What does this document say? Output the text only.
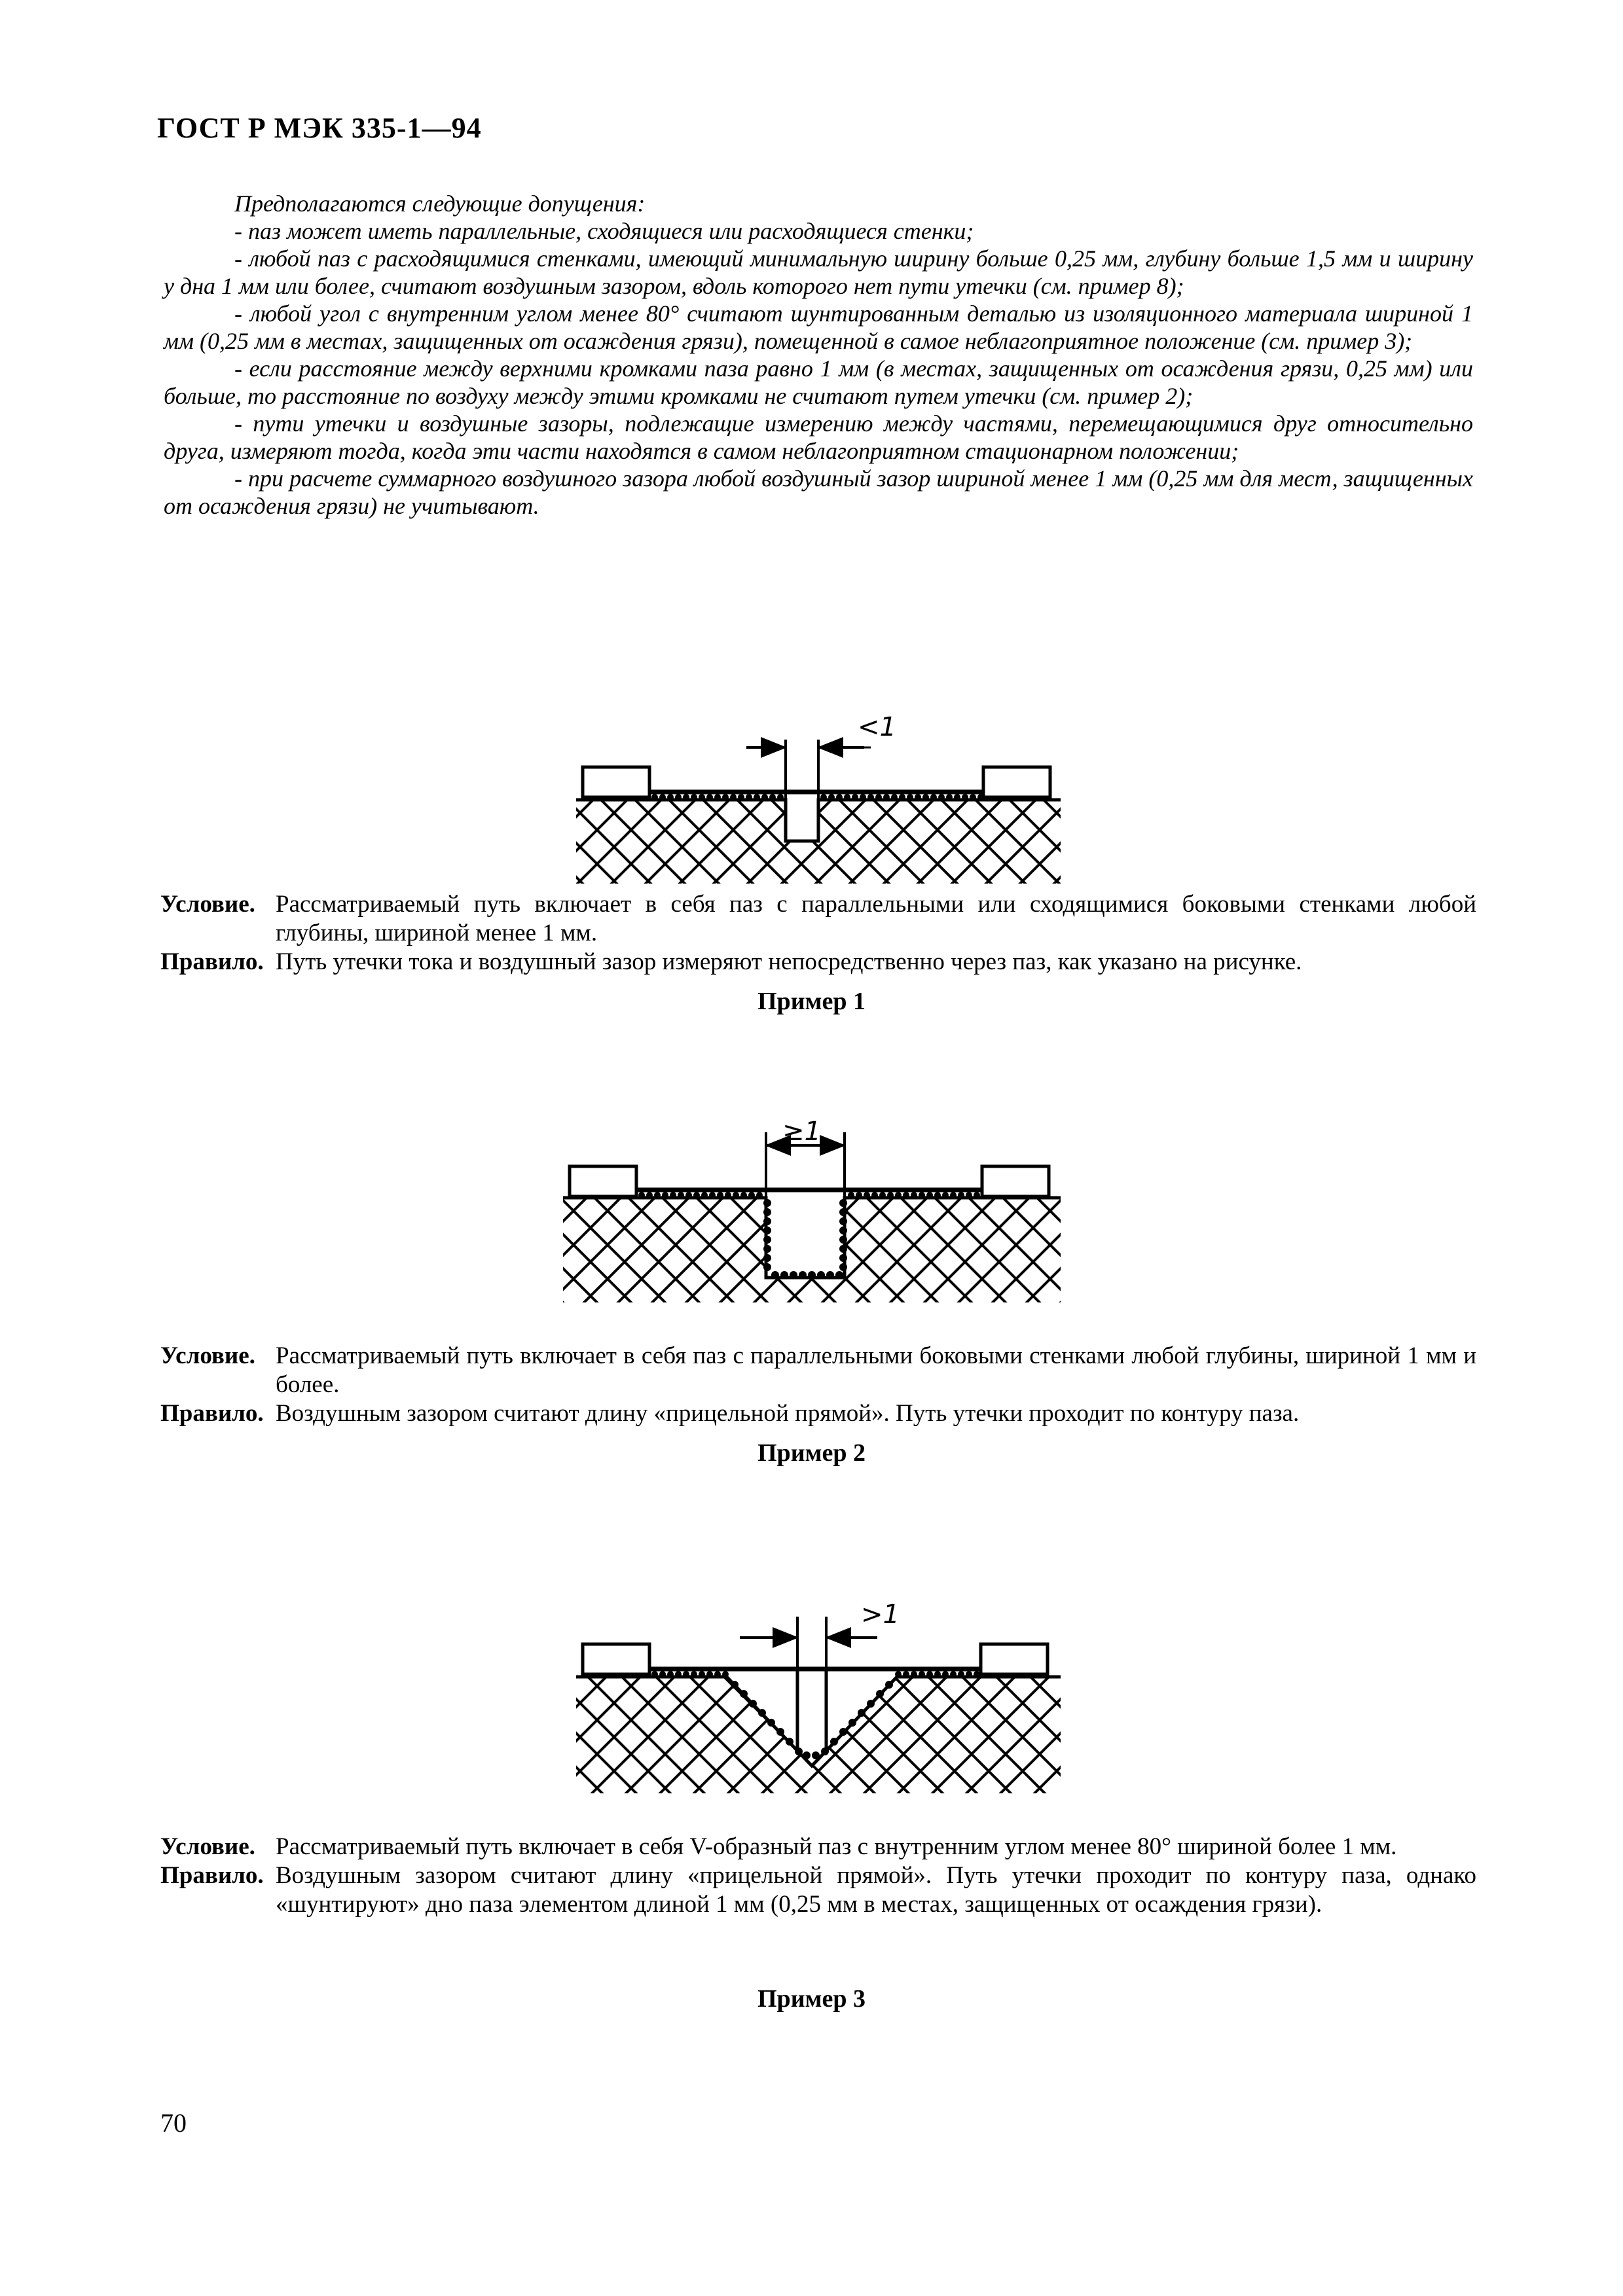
ГОСТ Р МЭК 335-1—94

Предполагаются следующие допущения:

- паз может иметь параллельные, сходящиеся или расходящиеся стенки;

- любой паз с расходящимися стенками, имеющий минимальную ширину больше 0,25 мм, глубину больше 1,5 мм и ширину у дна 1 мм или более, считают воздушным зазором, вдоль которого нет пути утечки (см. пример 8);

- любой угол с внутренним углом менее 80° считают шунтированным деталью из изоляционного материала шириной 1 мм (0,25 мм в местах, защищенных от осаждения грязи), помещенной в самое неблагоприятное положение (см. пример 3);

- если расстояние между верхними кромками паза равно 1 мм (в местах, защищенных от осаждения грязи, 0,25 мм) или больше, то расстояние по воздуху между этими кромками не считают путем утечки (см. пример 2);

- пути утечки и воздушные зазоры, подлежащие измерению между частями, перемещающимися друг относительно друга, измеряют тогда, когда эти части находятся в самом неблагоприятном стационарном положении;

- при расчете суммарного воздушного зазора любой воздушный зазор шириной менее 1 мм (0,25 мм для мест, защищенных от осаждения грязи) не учитывают.

<1
Условие. Рассматриваемый путь включает в себя паз с параллельными или сходящимися боковыми стенками любой глубины, шириной менее 1 мм.
Правило. Путь утечки тока и воздушный зазор измеряют непосредственно через паз, как указано на рисунке.
Пример 1
≥1
Условие. Рассматриваемый путь включает в себя паз с параллельными боковыми стенками любой глубины, шириной 1 мм и более.
Правило. Воздушным зазором считают длину «прицельной прямой». Путь утечки проходит по контуру паза.
Пример 2
>1
Условие. Рассматриваемый путь включает в себя V-образный паз с внутренним углом менее 80° шириной более 1 мм.
Правило. Воздушным зазором считают длину «прицельной прямой». Путь утечки проходит по контуру паза, однако «шунтируют» дно паза элементом длиной 1 мм (0,25 мм в местах, защищенных от осаждения грязи).
Пример 3
70
